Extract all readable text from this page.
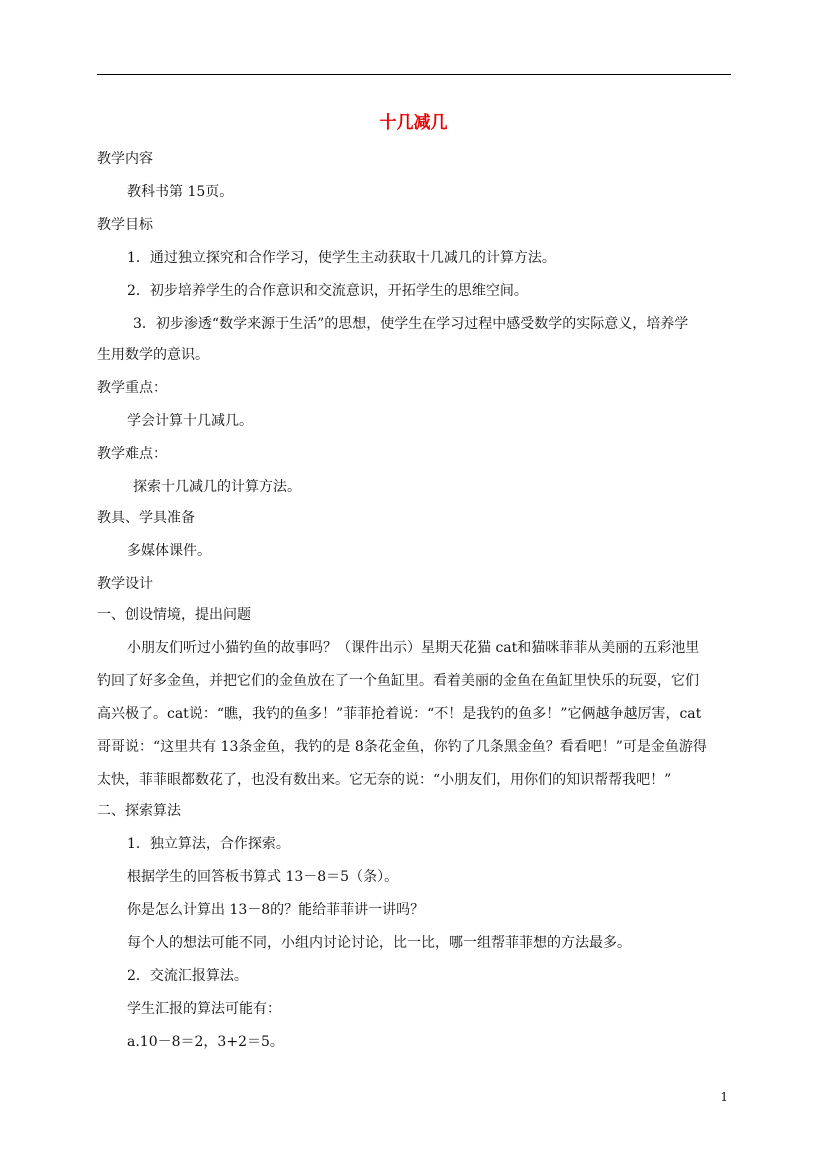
十几减几
教学内容
教科书第 15页。
教学目标
1．通过独立探究和合作学习，使学生主动获取十几减几的计算方法。
2．初步培养学生的合作意识和交流意识，开拓学生的思维空间。
3．初步渗透“数学来源于生活”的思想，使学生在学习过程中感受数学的实际意义，培养学
生用数学的意识。
教学重点：
学会计算十几减几。
教学难点：
探索十几减几的计算方法。
教具、学具准备
多媒体课件。
教学设计
一、创设情境，提出问题
小朋友们听过小猫钓鱼的故事吗？（课件出示）星期天花猫 cat和猫咪菲菲从美丽的五彩池里
钓回了好多金鱼，并把它们的金鱼放在了一个鱼缸里。看着美丽的金鱼在鱼缸里快乐的玩耍，它们
高兴极了。cat说：“瞧，我钓的鱼多！”菲菲抢着说：“不！是我钓的鱼多！”它俩越争越厉害，cat
哥哥说：“这里共有 13条金鱼，我钓的是 8条花金鱼，你钓了几条黑金鱼？看看吧！”可是金鱼游得
太快，菲菲眼都数花了，也没有数出来。它无奈的说：“小朋友们，用你们的知识帮帮我吧！”
二、探索算法
1．独立算法，合作探索。
根据学生的回答板书算式 13－8＝5（条）。
你是怎么计算出 13－8的？能给菲菲讲一讲吗？
每个人的想法可能不同，小组内讨论讨论，比一比，哪一组帮菲菲想的方法最多。
2．交流汇报算法。
学生汇报的算法可能有：
a.10－8＝2，3+2＝5。
1
